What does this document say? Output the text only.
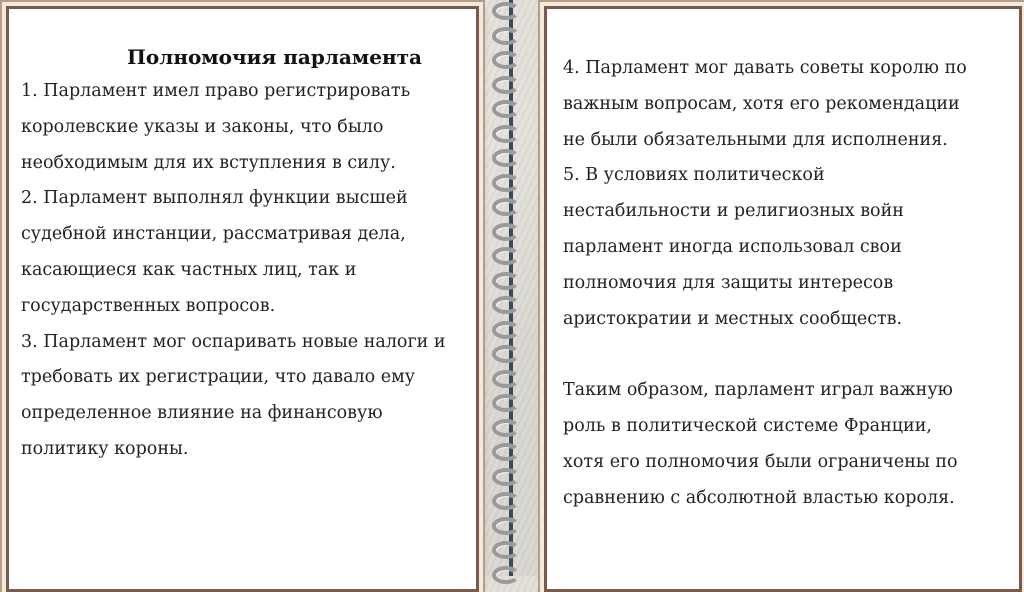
Полномочия парламента

1. Парламент имел право регистрировать
королевские указы и законы, что было
необходимым для их вступления в силу.
2. Парламент выполнял функции высшей
судебной инстанции, рассматривая дела,
касающиеся как частных лиц, так и
государственных вопросов.
3. Парламент мог оспаривать новые налоги и
требовать их регистрации, что давало ему
определенное влияние на финансовую
политику короны.

4. Парламент мог давать советы королю по
важным вопросам, хотя его рекомендации
не были обязательными для исполнения.
5. В условиях политической
нестабильности и религиозных войн
парламент иногда использовал свои
полномочия для защиты интересов
аристократии и местных сообществ.

Таким образом, парламент играл важную
роль в политической системе Франции,
хотя его полномочия были ограничены по
сравнению с абсолютной властью короля.
